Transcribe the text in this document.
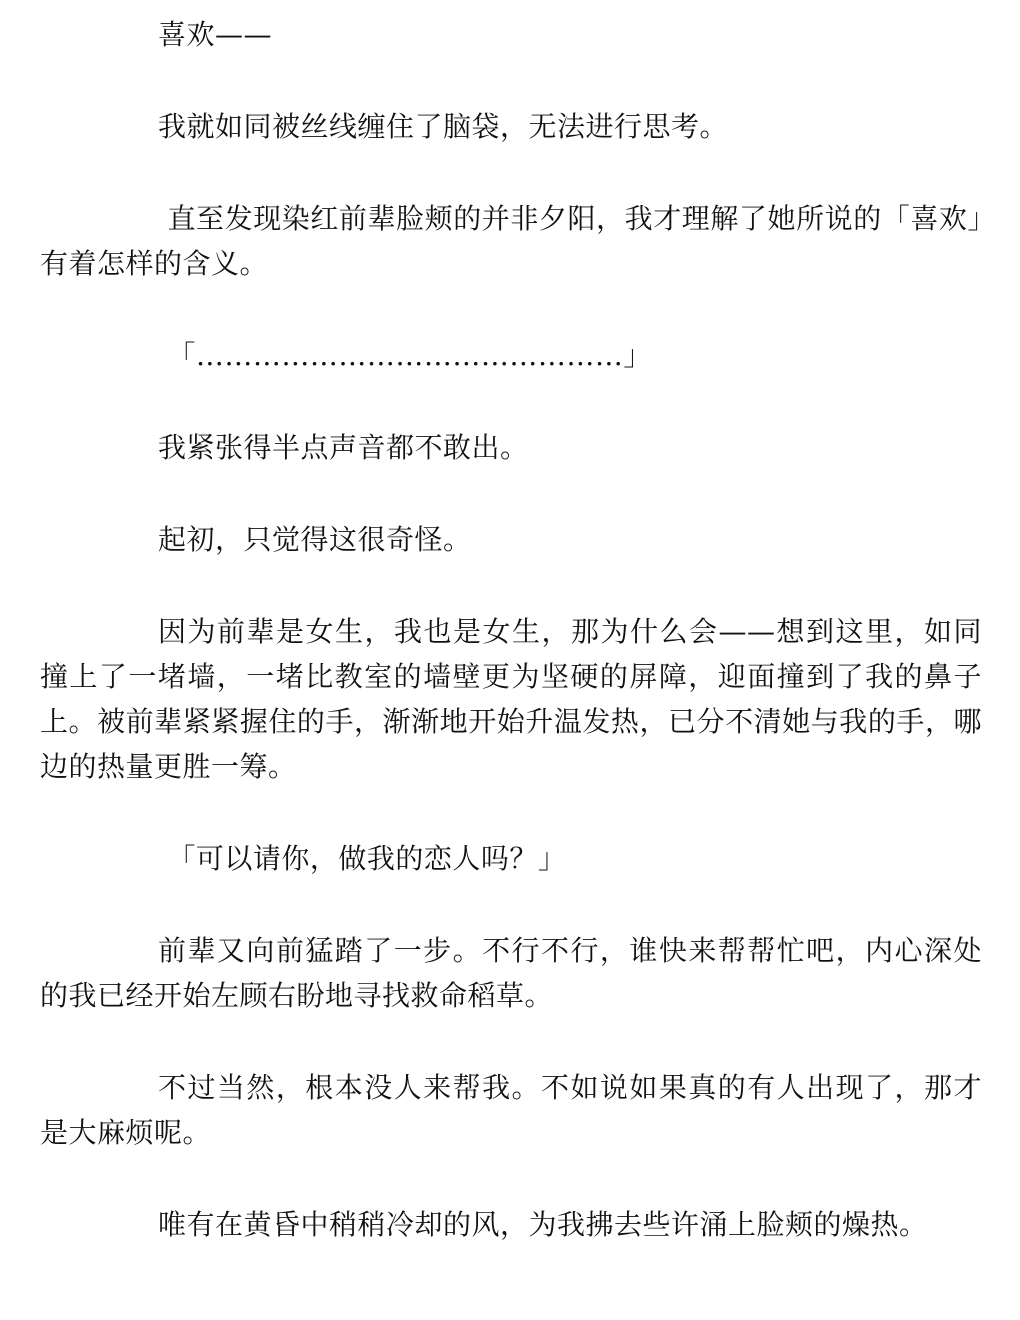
喜欢——

我就如同被丝线缠住了脑袋，无法进行思考。

直至发现染红前辈脸颊的并非夕阳，我才理解了她所说的「喜欢」有着怎样的含义。

「………………………………………」

我紧张得半点声音都不敢出。

起初，只觉得这很奇怪。

因为前辈是女生，我也是女生，那为什么会——想到这里，如同撞上了一堵墙，一堵比教室的墙壁更为坚硬的屏障，迎面撞到了我的鼻子上。被前辈紧紧握住的手，渐渐地开始升温发热，已分不清她与我的手，哪边的热量更胜一筹。

「可以请你，做我的恋人吗？」

前辈又向前猛踏了一步。不行不行，谁快来帮帮忙吧，内心深处的我已经开始左顾右盼地寻找救命稻草。

不过当然，根本没人来帮我。不如说如果真的有人出现了，那才是大麻烦呢。

唯有在黄昏中稍稍冷却的风，为我拂去些许涌上脸颊的燥热。
